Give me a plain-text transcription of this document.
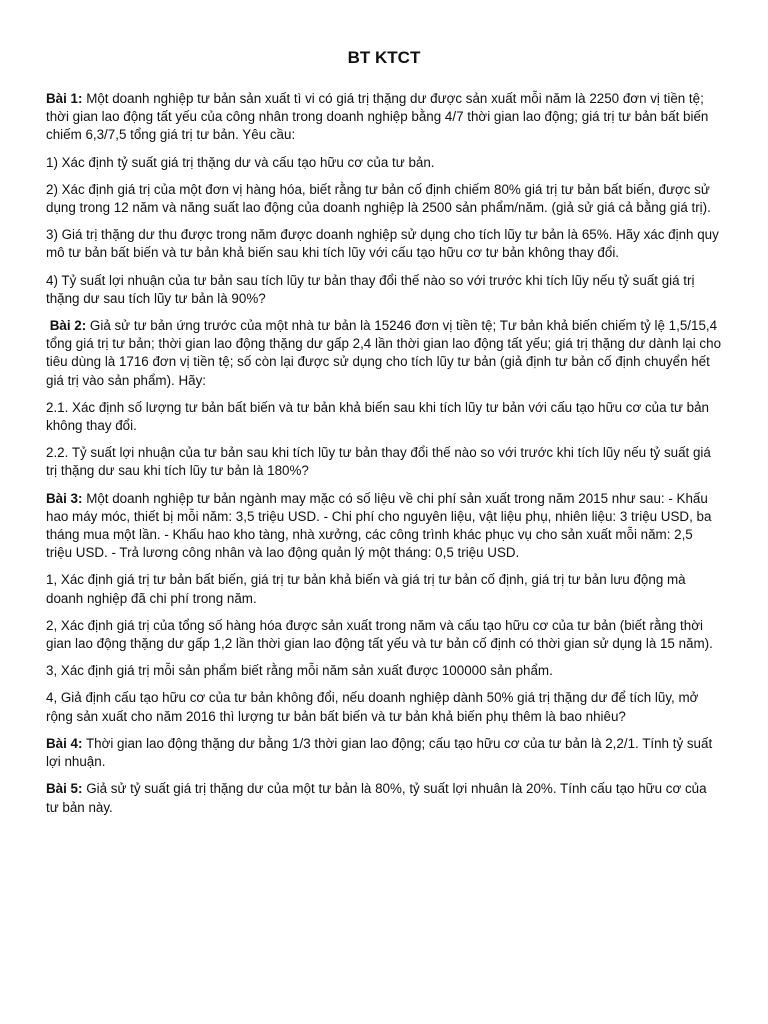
BT KTCT

Bài 1: Một doanh nghiệp tư bản sản xuất tì vi có giá trị thặng dư được sản xuất mỗi năm là 2250 đơn vị tiền tệ; thời gian lao động tất yếu của công nhân trong doanh nghiệp bằng 4/7 thời gian lao động; giá trị tư bản bất biến chiếm 6,3/7,5 tổng giá trị tư bản. Yêu cầu:

1) Xác định tỷ suất giá trị thặng dư và cấu tạo hữu cơ của tư bản.

2) Xác định giá trị của một đơn vị hàng hóa, biết rằng tư bản cố định chiếm 80% giá trị tư bản bất biến, được sử dụng trong 12 năm và năng suất lao động của doanh nghiệp là 2500 sản phẩm/năm. (giả sử giá cả bằng giá trị).

3) Giá trị thặng dư thu được trong năm được doanh nghiệp sử dụng cho tích lũy tư bản là 65%. Hãy xác định quy mô tư bản bất biến và tư bản khả biến sau khi tích lũy với cấu tạo hữu cơ tư bản không thay đổi.

4) Tỷ suất lợi nhuận của tư bản sau tích lũy tư bản thay đổi thế nào so với trước khi tích lũy nếu tỷ suất giá trị thặng dư sau tích lũy tư bản là 90%?

Bài 2: Giả sử tư bản ứng trước của một nhà tư bản là 15246 đơn vị tiền tệ; Tư bản khả biến chiếm tỷ lệ 1,5/15,4 tổng giá trị tư bản; thời gian lao động thặng dư gấp 2,4 lần thời gian lao động tất yếu; giá trị thặng dư dành lại cho tiêu dùng là 1716 đơn vị tiền tệ; số còn lại được sử dụng cho tích lũy tư bản (giả định tư bản cố định chuyển hết giá trị vào sản phẩm). Hãy:

2.1. Xác định số lượng tư bản bất biến và tư bản khả biến sau khi tích lũy tư bản với cấu tạo hữu cơ của tư bản không thay đổi.

2.2. Tỷ suất lợi nhuận của tư bản sau khi tích lũy tư bản thay đổi thế nào so với trước khi tích lũy nếu tỷ suất giá trị thặng dư sau khi tích lũy tư bản là 180%?

Bài 3: Một doanh nghiệp tư bản ngành may mặc có số liệu về chi phí sản xuất trong năm 2015 như sau: - Khấu hao máy móc, thiết bị mỗi năm: 3,5 triệu USD. - Chi phí cho nguyên liệu, vật liệu phụ, nhiên liệu: 3 triệu USD, ba tháng mua một lần. - Khấu hao kho tàng, nhà xưởng, các công trình khác phục vụ cho sản xuất mỗi năm: 2,5 triệu USD. - Trả lương công nhân và lao động quản lý một tháng: 0,5 triệu USD.

1, Xác định giá trị tư bản bất biến, giá trị tư bản khả biến và giá trị tư bản cố định, giá trị tư bản lưu động mà doanh nghiệp đã chi phí trong năm.

2, Xác định giá trị của tổng số hàng hóa được sản xuất trong năm và cấu tạo hữu cơ của tư bản (biết rằng thời gian lao động thặng dư gấp 1,2 lần thời gian lao động tất yếu và tư bản cố định có thời gian sử dụng là 15 năm).

3, Xác định giá trị mỗi sản phẩm biết rằng mỗi năm sản xuất được 100000 sản phẩm.

4, Giả định cấu tạo hữu cơ của tư bản không đổi, nếu doanh nghiệp dành 50% giá trị thặng dư để tích lũy, mở rộng sản xuất cho năm 2016 thì lượng tư bản bất biến và tư bản khả biến phụ thêm là bao nhiêu?

Bài 4: Thời gian lao động thặng dư bằng 1/3 thời gian lao động; cấu tạo hữu cơ của tư bản là 2,2/1. Tính tỷ suất lợi nhuận.

Bài 5: Giả sử tỷ suất giá trị thặng dư của một tư bản là 80%, tỷ suất lợi nhuân là 20%. Tính cấu tạo hữu cơ của tư bản này.
